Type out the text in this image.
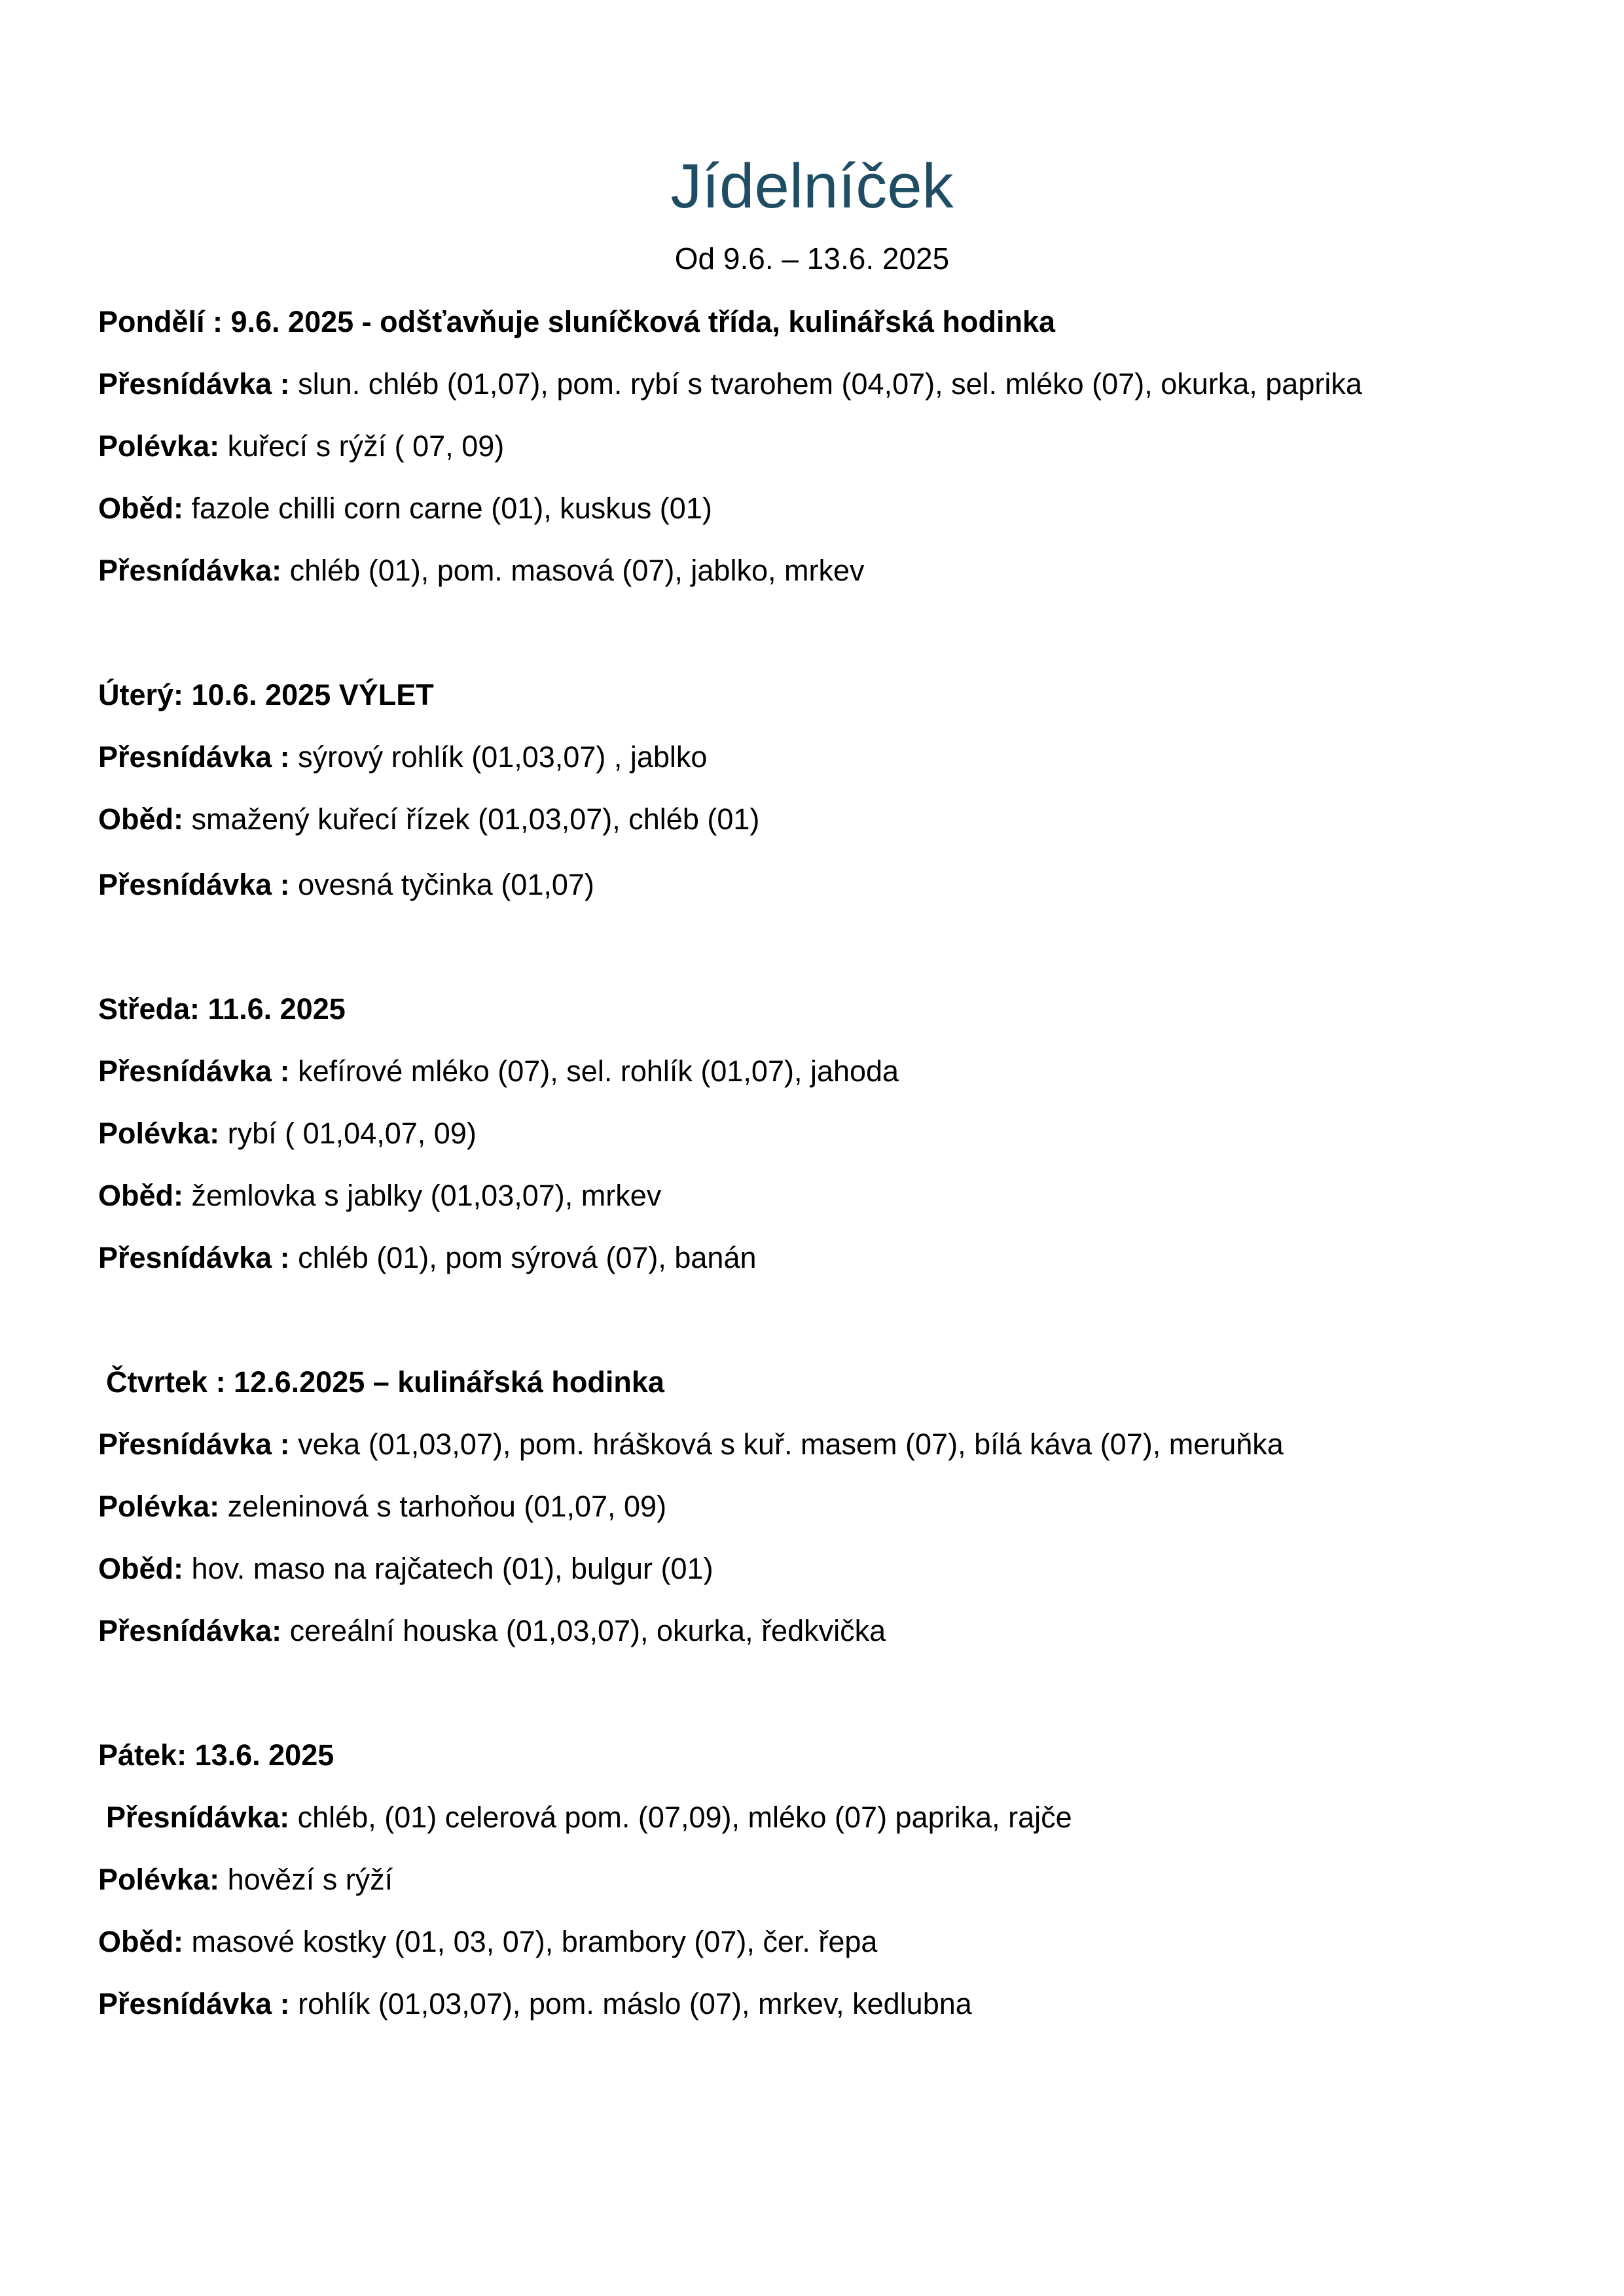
Jídelníček
Od 9.6. – 13.6. 2025
Pondělí : 9.6. 2025 - odšťavňuje sluníčková třída, kulinářská hodinka
Přesnídávka : slun. chléb (01,07), pom. rybí s tvarohem (04,07), sel. mléko (07), okurka, paprika
Polévka: kuřecí s rýží ( 07, 09)
Oběd: fazole chilli corn carne (01), kuskus (01)
Přesnídávka: chléb (01), pom. masová (07), jablko, mrkev
Úterý: 10.6. 2025 VÝLET
Přesnídávka : sýrový rohlík (01,03,07) , jablko
Oběd: smažený kuřecí řízek (01,03,07), chléb (01)
Přesnídávka : ovesná tyčinka (01,07)
Středa: 11.6. 2025
Přesnídávka : kefírové mléko (07), sel. rohlík (01,07), jahoda
Polévka: rybí ( 01,04,07, 09)
Oběd: žemlovka s jablky (01,03,07), mrkev
Přesnídávka : chléb (01), pom sýrová (07), banán
Čtvrtek : 12.6.2025 – kulinářská hodinka
Přesnídávka : veka (01,03,07), pom. hrášková s kuř. masem (07), bílá káva (07), meruňka
Polévka: zeleninová s tarhoňou (01,07, 09)
Oběd: hov. maso na rajčatech (01), bulgur (01)
Přesnídávka: cereální houska (01,03,07), okurka, ředkvička
Pátek: 13.6. 2025
Přesnídávka: chléb, (01) celerová pom. (07,09), mléko (07) paprika, rajče
Polévka: hovězí s rýží
Oběd: masové kostky (01, 03, 07), brambory (07), čer. řepa
Přesnídávka : rohlík (01,03,07), pom. máslo (07), mrkev, kedlubna
